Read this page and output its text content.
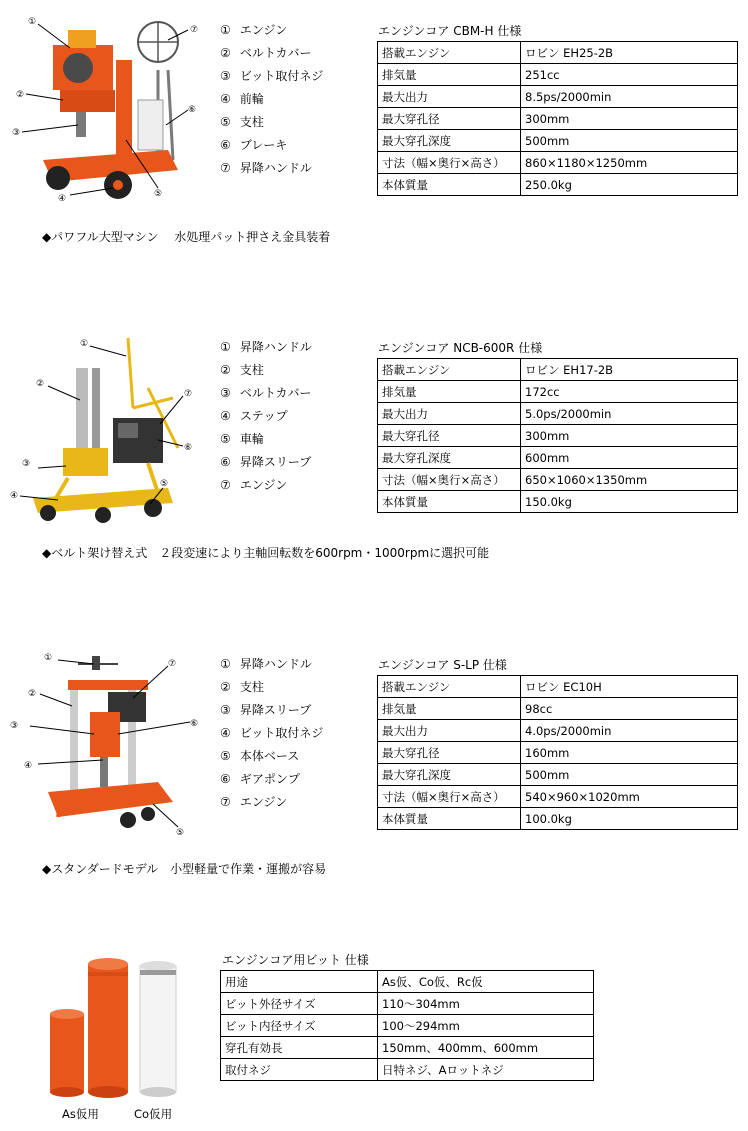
①
②
③
④	⑤
⑥
⑦ ① エンジン
② ベルトカバー
③ ビット取付ネジ
④ 前輪
⑤ 支柱
⑥ ブレーキ
⑦ 昇降ハンドル
エンジンコア CBM-H 仕様
搭載エンジン	ロビン EH25-2B
排気量	251cc
最大出力	8.5ps/2000min
最大穿孔径	300mm
最大穿孔深度	500mm
寸法（幅×奥行×高さ）	860×1180×1250mm
本体質量	250.0kg
◆パワフル大型マシン　 水処理パット押さえ金具装着
①
②
③
④
⑤
⑥
⑦
① 昇降ハンドル
② 支柱
③ ベルトカバー
④ ステップ
⑤ 車輪
⑥ 昇降スリーブ
⑦ エンジン
エンジンコア NCB-600R 仕様
搭載エンジン	ロビン EH17-2B
排気量	172cc
最大出力	5.0ps/2000min
最大穿孔径	300mm
最大穿孔深度	600mm
寸法（幅×奥行×高さ）	650×1060×1350mm
本体質量	150.0kg
◆ベルト架け替え式　２段変速により主軸回転数を600rpm・1000rpmに選択可能
①
②
③
④
⑤
⑥
⑦	① 昇降ハンドル
② 支柱
③ 昇降スリーブ
④ ビット取付ネジ
⑤ 本体ベース
⑥ ギアポンプ
⑦ エンジン
エンジンコア S-LP 仕様
搭載エンジン	ロビン EC10H
排気量	98cc
最大出力	4.0ps/2000min
最大穿孔径	160mm
最大穿孔深度	500mm
寸法（幅×奥行×高さ）	540×960×1020mm
本体質量	100.0kg
◆スタンダードモデル　小型軽量で作業・運搬が容易
As仮用	Co仮用
エンジンコア用ビット 仕様
用途	As仮、Co仮、Rc仮
ビット外径サイズ	110～304mm
ビット内径サイズ	100～294mm
穿孔有効長	150mm、400mm、600mm
取付ネジ	日特ネジ、Aロットネジ
